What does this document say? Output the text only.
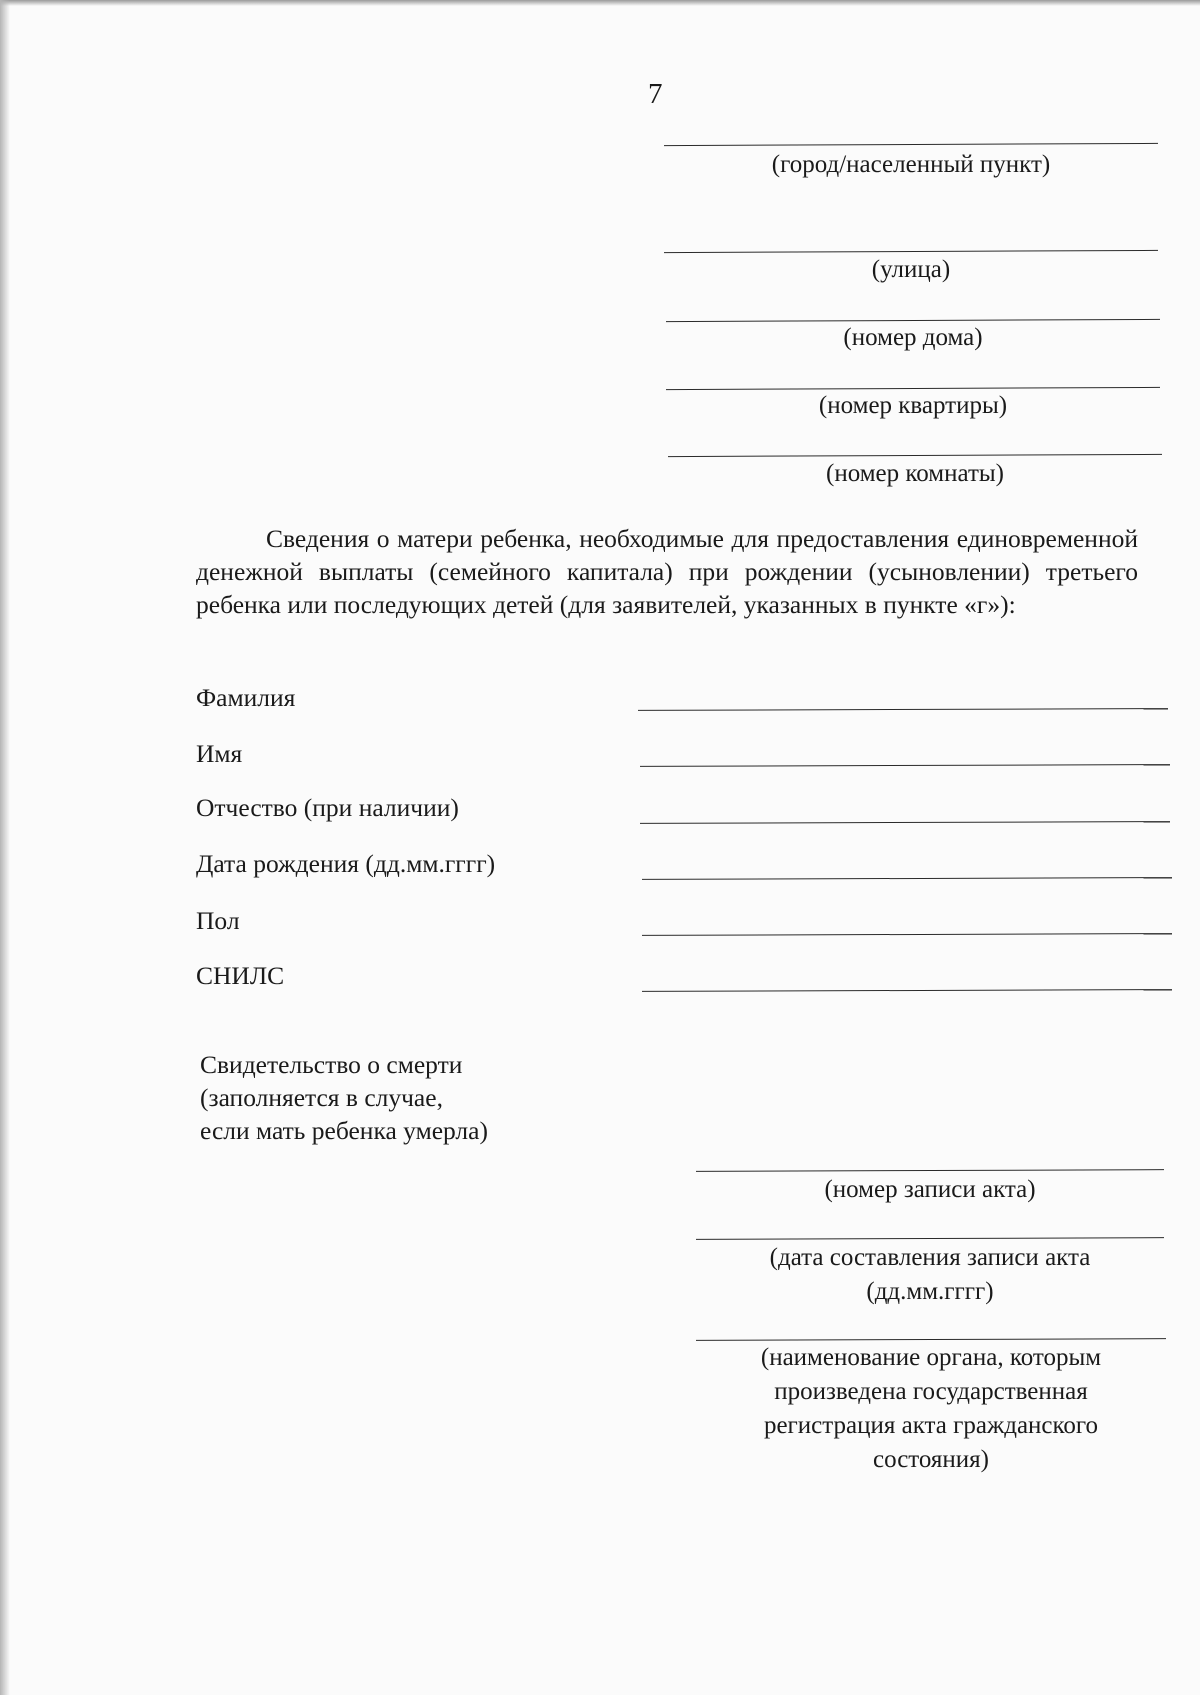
7
(город/населенный пункт)
(улица)
(номер дома)
(номер квартиры)
(номер комнаты)
Сведения о матери ребенка, необходимые для предоставления единовременной денежной выплаты (семейного капитала) при рождении (усыновлении) третьего ребенка или последующих детей (для заявителей, указанных в пункте «г»):
Фамилия
Имя
Отчество (при наличии)
Дата рождения (дд.мм.гггг)
Пол
СНИЛС
Свидетельство о смерти
(заполняется в случае,
если мать ребенка умерла)
(номер записи акта)
(дата составления записи акта
(дд.мм.гггг)
(наименование органа, которым
произведена государственная
регистрация акта гражданского
состояния)
